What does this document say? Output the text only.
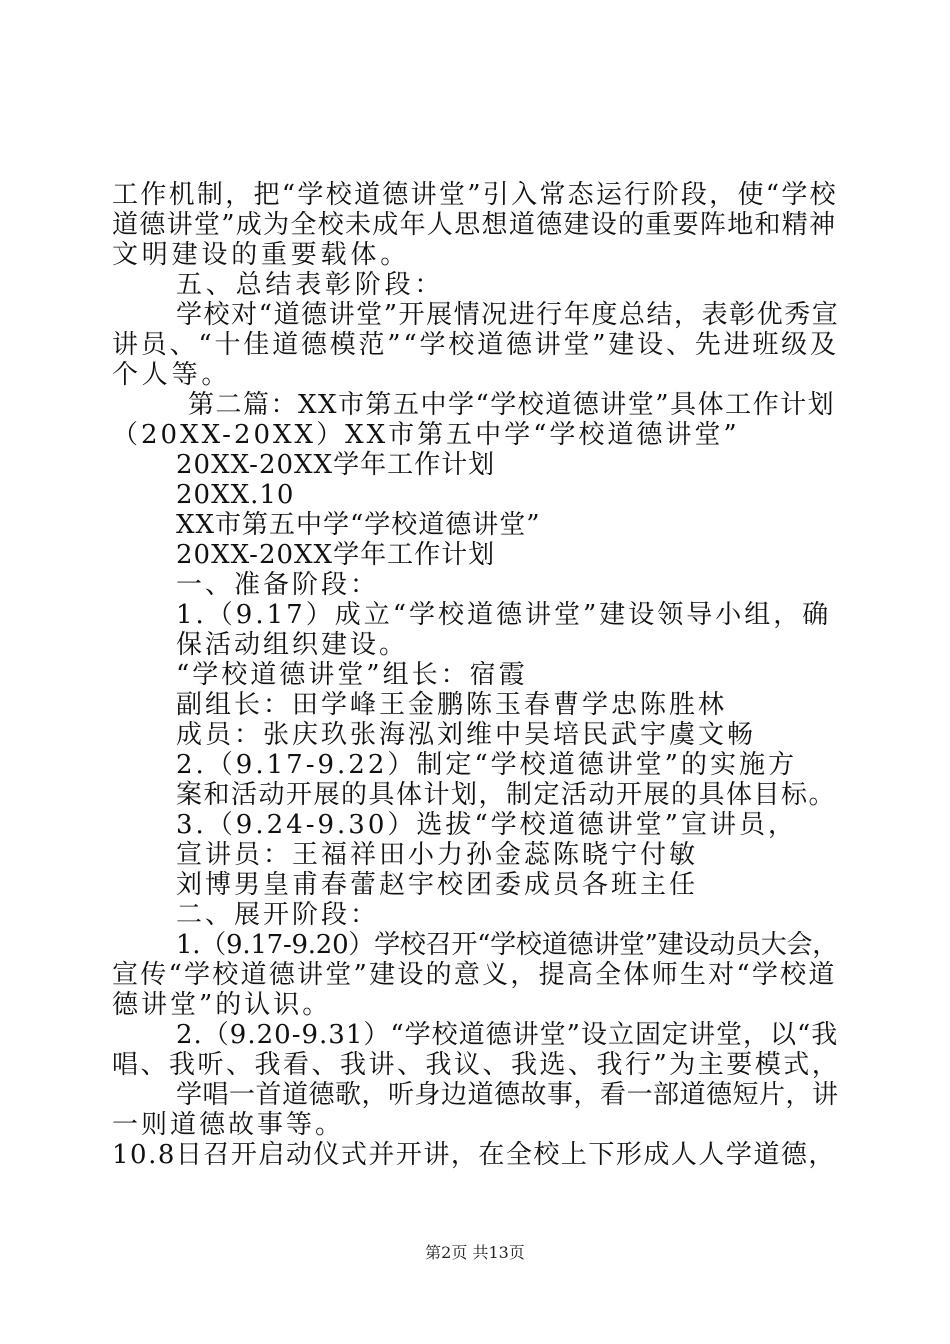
工作机制，把“学校道德讲堂”引入常态运行阶段，使“学校
道德讲堂”成为全校未成年人思想道德建设的重要阵地和精神
文明建设的重要载体。
五、总结表彰阶段：
学校对“道德讲堂”开展情况进行年度总结，表彰优秀宣
讲员、“十佳道德模范”“学校道德讲堂”建设、先进班级及
个人等。
第二篇：XX市第五中学“学校道德讲堂”具体工作计划
（20XX-20XX）XX市第五中学“学校道德讲堂”
20XX-20XX学年工作计划
20XX.10
XX市第五中学“学校道德讲堂”
20XX-20XX学年工作计划
一、准备阶段：
1.（9.17）成立“学校道德讲堂”建设领导小组，确
保活动组织建设。
“学校道德讲堂”组长：宿霞
副组长：田学峰王金鹏陈玉春曹学忠陈胜林
成员：张庆玖张海泓刘维中吴培民武宇虞文畅
2.（9.17-9.22）制定“学校道德讲堂”的实施方
案和活动开展的具体计划，制定活动开展的具体目标。
3.（9.24-9.30）选拔“学校道德讲堂”宣讲员，
宣讲员：王福祥田小力孙金蕊陈晓宁付敏
刘博男皇甫春蕾赵宇校团委成员各班主任
二、展开阶段：
1.（9.17-9.20）学校召开“学校道德讲堂”建设动员大会，
宣传“学校道德讲堂”建设的意义，提高全体师生对“学校道
德讲堂”的认识。
2.（9.20-9.31）“学校道德讲堂”设立固定讲堂，以“我
唱、我听、我看、我讲、我议、我选、我行”为主要模式，
学唱一首道德歌，听身边道德故事，看一部道德短片，讲
一则道德故事等。
10.8日召开启动仪式并开讲，在全校上下形成人人学道德，
第2页 共13页
